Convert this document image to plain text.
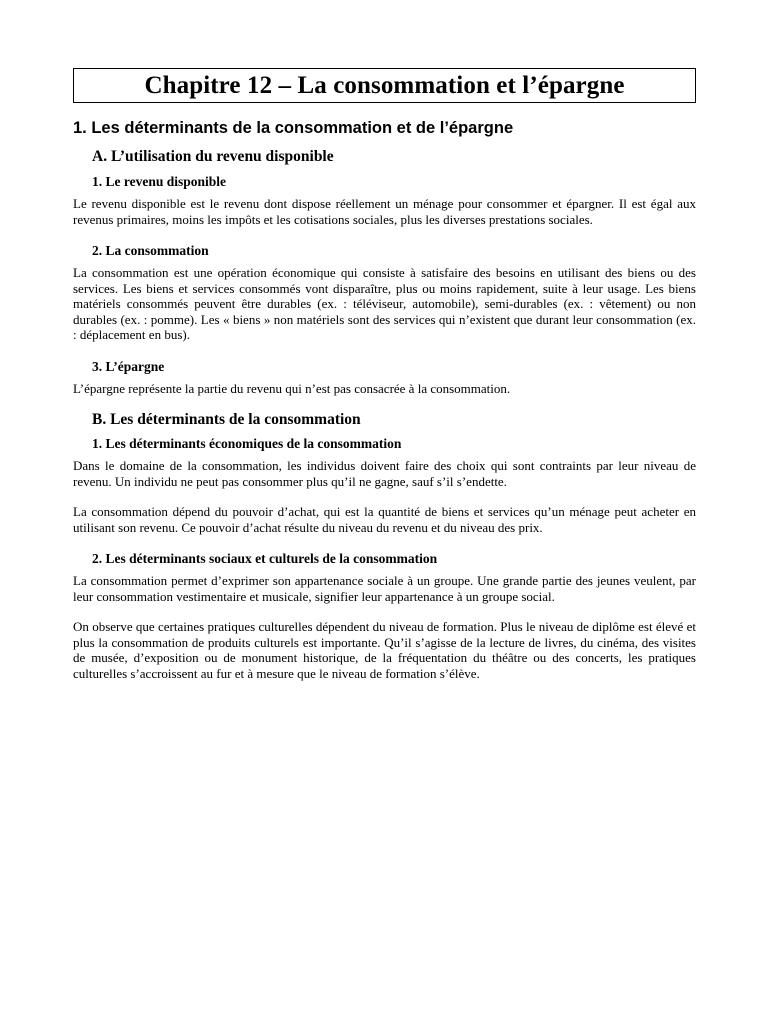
Chapitre 12 – La consommation et l’épargne
1. Les déterminants de la consommation et de l’épargne
A. L’utilisation du revenu disponible
1. Le revenu disponible

Le revenu disponible est le revenu dont dispose réellement un ménage pour consommer et épargner. Il est égal aux revenus primaires, moins les impôts et les cotisations sociales, plus les diverses prestations sociales.

2. La consommation

La consommation est une opération économique qui consiste à satisfaire des besoins en utilisant des biens ou des services. Les biens et services consommés vont disparaître, plus ou moins rapidement, suite à leur usage. Les biens matériels consommés peuvent être durables (ex. : téléviseur, automobile), semi-durables (ex. : vêtement) ou non durables (ex. : pomme). Les « biens » non matériels sont des services qui n’existent que durant leur consommation (ex. : déplacement en bus).

3. L’épargne

L’épargne représente la partie du revenu qui n’est pas consacrée à la consommation.

B. Les déterminants de la consommation
1. Les déterminants économiques de la consommation

Dans le domaine de la consommation, les individus doivent faire des choix qui sont contraints par leur niveau de revenu. Un individu ne peut pas consommer plus qu’il ne gagne, sauf s’il s’endette.

La consommation dépend du pouvoir d’achat, qui est la quantité de biens et services qu’un ménage peut acheter en utilisant son revenu. Ce pouvoir d’achat résulte du niveau du revenu et du niveau des prix.

2. Les déterminants sociaux et culturels de la consommation

La consommation permet d’exprimer son appartenance sociale à un groupe. Une grande partie des jeunes veulent, par leur consommation vestimentaire et musicale, signifier leur appartenance à un groupe social.

On observe que certaines pratiques culturelles dépendent du niveau de formation. Plus le niveau de diplôme est élevé et plus la consommation de produits culturels est importante. Qu’il s’agisse de la lecture de livres, du cinéma, des visites de musée, d’exposition ou de monument historique, de la fréquentation du théâtre ou des concerts, les pratiques culturelles s’accroissent au fur et à mesure que le niveau de formation s’élève.
